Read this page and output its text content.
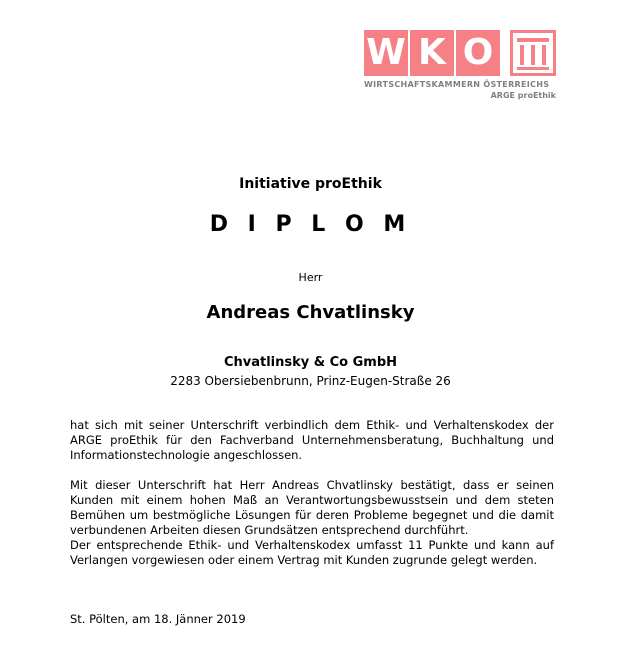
W K O
WIRTSCHAFTSKAMMERN ÖSTERREICHS
ARGE proEthik
Initiative proEthik
D I P L O M
Herr
Andreas Chvatlinsky
Chvatlinsky & Co GmbH
2283 Obersiebenbrunn, Prinz-Eugen-Straße 26
hat sich mit seiner Unterschrift verbindlich dem Ethik- und Verhaltenskodex der ARGE proEthik für den Fachverband Unternehmensberatung, Buchhaltung und Informationstechnologie angeschlossen.
Mit dieser Unterschrift hat Herr Andreas Chvatlinsky bestätigt, dass er seinen Kunden mit einem hohen Maß an Verantwortungsbewusstsein und dem steten Bemühen um bestmögliche Lösungen für deren Probleme begegnet und die damit verbundenen Arbeiten diesen Grundsätzen entsprechend durchführt.
Der entsprechende Ethik- und Verhaltenskodex umfasst 11 Punkte und kann auf Verlangen vorgewiesen oder einem Vertrag mit Kunden zugrunde gelegt werden.
St. Pölten, am 18. Jänner 2019
